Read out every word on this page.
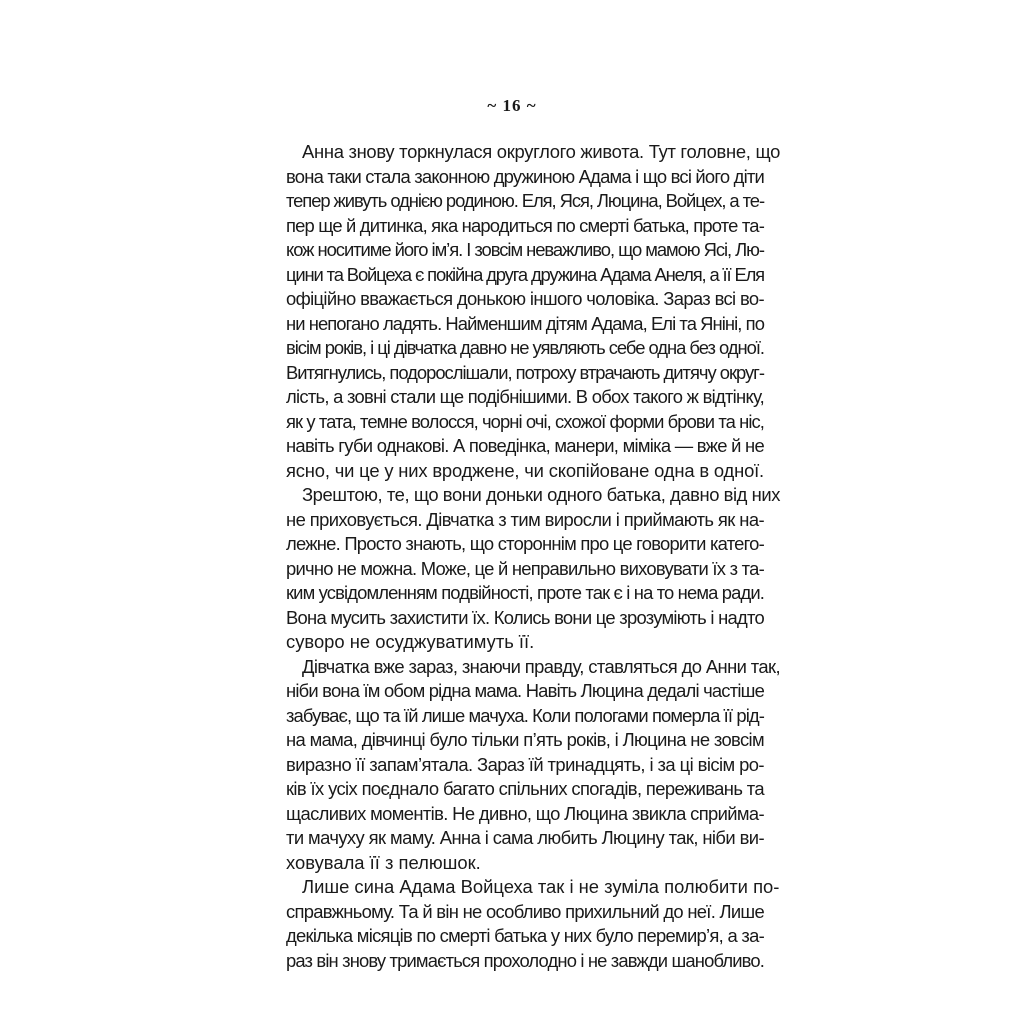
~ 16 ~
Анна знову торкнулася округлого живота. Тут головне, що
вона таки стала законною дружиною Адама і що всі його діти
тепер живуть однією родиною. Еля, Яся, Люцина, Войцех, а те-
пер ще й дитинка, яка народиться по смерті батька, проте та-
кож носитиме його ім’я. І зовсім неважливо, що мамою Ясі, Лю-
цини та Войцеха є покійна друга дружина Адама Анеля, а її Еля
офіційно вважається донькою іншого чоловіка. Зараз всі во-
ни непогано ладять. Найменшим дітям Адама, Елі та Яніні, по
вісім років, і ці дівчатка давно не уявляють себе одна без одної.
Витягнулись, подорослішали, потроху втрачають дитячу округ-
лість, а зовні стали ще подібнішими. В обох такого ж відтінку,
як у тата, темне волосся, чорні очі, схожої форми брови та ніс,
навіть губи однакові. А поведінка, манери, міміка — вже й не
ясно, чи це у них вроджене, чи скопійоване одна в одної.
Зрештою, те, що вони доньки одного батька, давно від них
не приховується. Дівчатка з тим виросли і приймають як на-
лежне. Просто знають, що стороннім про це говорити катего-
рично не можна. Може, це й неправильно виховувати їх з та-
ким усвідомленням подвійності, проте так є і на то нема ради.
Вона мусить захистити їх. Колись вони це зрозуміють і надто
суворо не осуджуватимуть її.
Дівчатка вже зараз, знаючи правду, ставляться до Анни так,
ніби вона їм обом рідна мама. Навіть Люцина дедалі частіше
забуває, що та їй лише мачуха. Коли пологами померла її рід-
на мама, дівчинці було тільки п’ять років, і Люцина не зовсім
виразно її запам’ятала. Зараз їй тринадцять, і за ці вісім ро-
ків їх усіх поєднало багато спільних спогадів, переживань та
щасливих моментів. Не дивно, що Люцина звикла сприйма-
ти мачуху як маму. Анна і сама любить Люцину так, ніби ви-
ховувала її з пелюшок.
Лише сина Адама Войцеха так і не зуміла полюбити по-
справжньому. Та й він не особливо прихильний до неї. Лише
декілька місяців по смерті батька у них було перемир’я, а за-
раз він знову тримається прохолодно і не завжди шанобливо.
